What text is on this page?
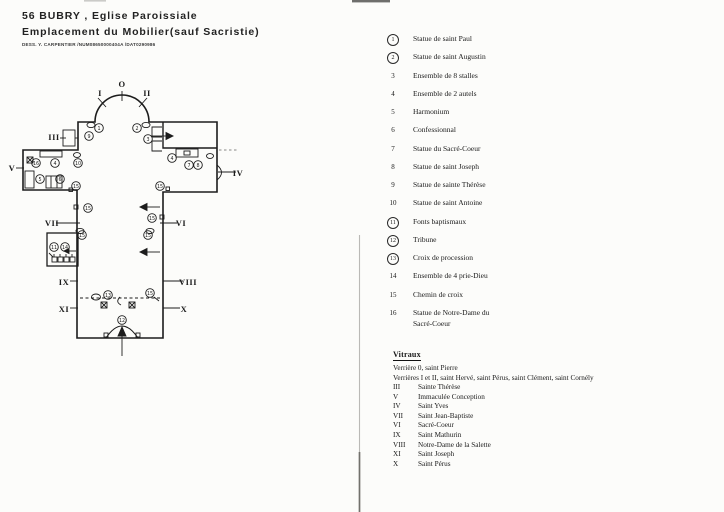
56 BUBRY , Eglise Paroissiale
Emplacement du Mobilier(sauf Sacristie)
DESS. Y. CARPENTIER /NUM08650000404A /DAT0290986
1	2
3
9
16	4
5	6
15
10
4
7 8
15
15
15
15	15
11 14
13	15
12
O
I	II
III
V	IV
VII	VI
IX	VIII
XI	X
1	Statue de saint Paul
2	Statue de saint Augustin
3	Ensemble de 8 stalles
4	Ensemble de 2 autels
5	Harmonium
6	Confessionnal
7	Statue du Sacré-Coeur
8	Statue de saint Joseph
9	Statue de sainte Thérèse
10	Statue de saint Antoine
11	Fonts baptismaux
12	Tribune
13	Croix de procession
14	Ensemble de 4 prie-Dieu
15	Chemin de croix
16	Statue de Notre-Dame du
Sacré-Coeur
Vitraux
Verrière 0, saint Pierre
Verrières I et II, saint Hervé, saint Pérus, saint Clément, saint Cornély
III	Sainte Thérèse
V	Immaculée Conception
IV	Saint Yves
VII	Saint Jean-Baptiste
VI	Sacré-Coeur
IX	Saint Mathurin
VIII	Notre-Dame de la Salette
XI	Saint Joseph
X	Saint Pérus
